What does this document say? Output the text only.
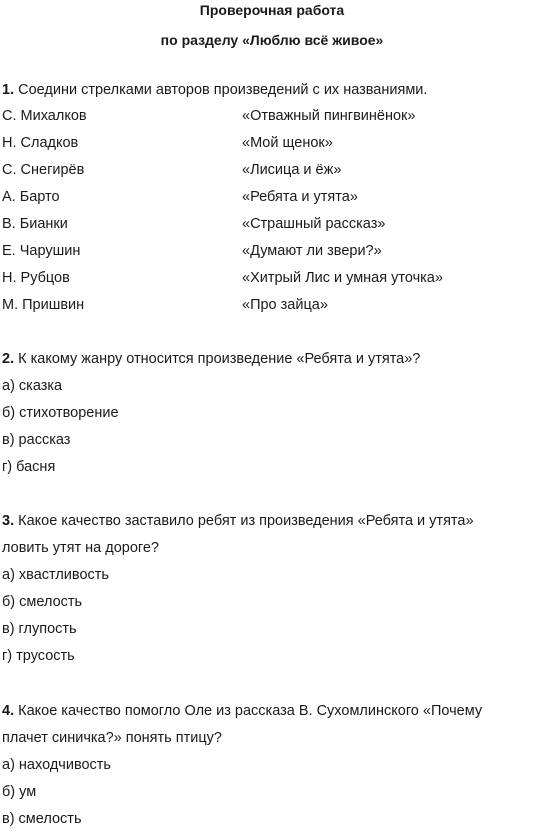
Проверочная работа
по разделу «Люблю всё живое»
1. Соедини стрелками авторов произведений с их названиями.
С. Михалков	«Отважный пингвинёнок»
Н. Сладков	«Мой щенок»
С. Снегирёв	«Лисица и ёж»
А. Барто	«Ребята и утята»
В. Бианки	«Страшный рассказ»
Е. Чарушин	«Думают ли звери?»
Н. Рубцов	«Хитрый Лис и умная уточка»
М. Пришвин	«Про зайца»
2. К какому жанру относится произведение «Ребята и утята»?
а) сказка
б) стихотворение
в) рассказ
г) басня
3. Какое качество заставило ребят из произведения «Ребята и утята»
ловить утят на дороге?
а) хвастливость
б) смелость
в) глупость
г) трусость
4. Какое качество помогло Оле из рассказа В. Сухомлинского «Почему
плачет синичка?» понять птицу?
а) находчивость
б) ум
в) смелость
